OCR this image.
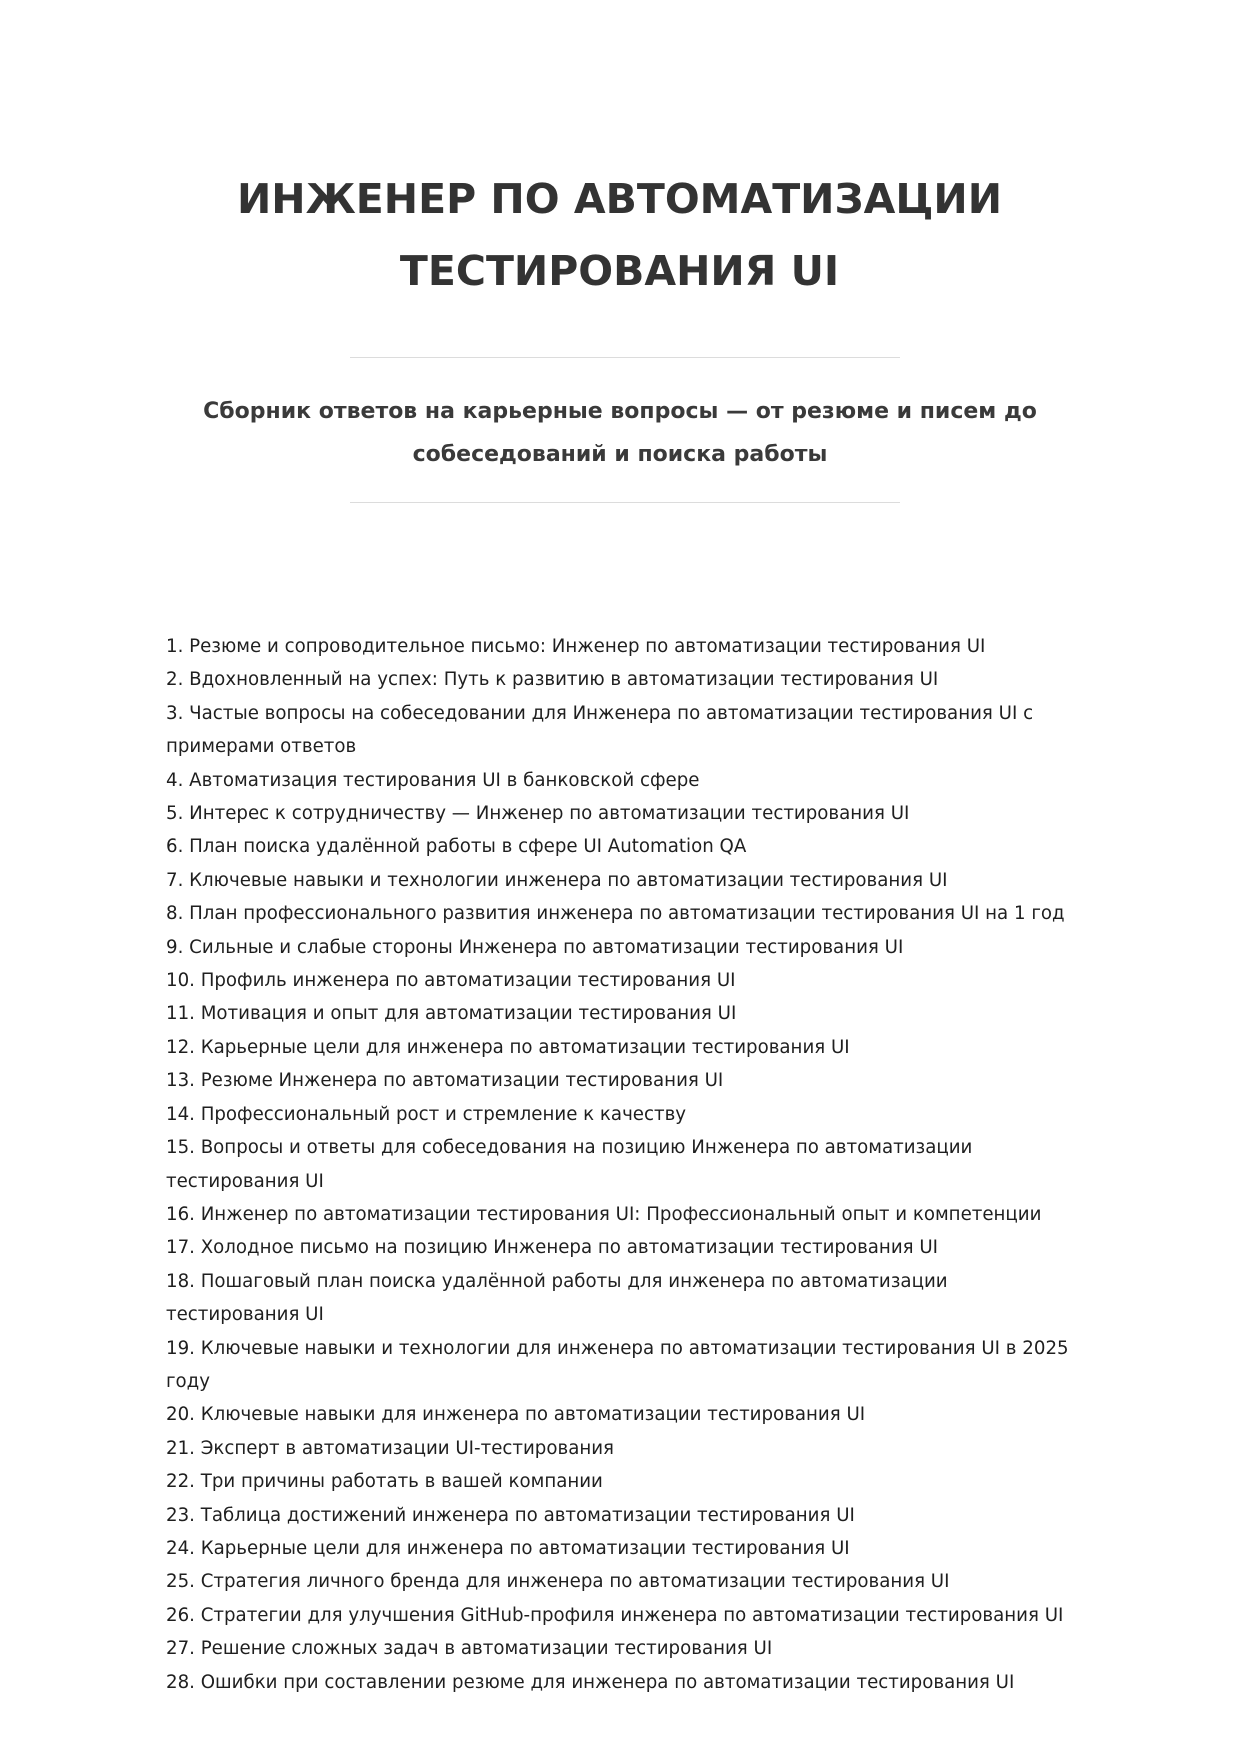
ИНЖЕНЕР ПО АВТОМАТИЗАЦИИ
ТЕСТИРОВАНИЯ UI

Сборник ответов на карьерные вопросы — от резюме и писем до
собеседований и поиска работы

1. Резюме и сопроводительное письмо: Инженер по автоматизации тестирования UI
2. Вдохновленный на успех: Путь к развитию в автоматизации тестирования UI
3. Частые вопросы на собеседовании для Инженера по автоматизации тестирования UI с примерами ответов
4. Автоматизация тестирования UI в банковской сфере
5. Интерес к сотрудничеству — Инженер по автоматизации тестирования UI
6. План поиска удалённой работы в сфере UI Automation QA
7. Ключевые навыки и технологии инженера по автоматизации тестирования UI
8. План профессионального развития инженера по автоматизации тестирования UI на 1 год
9. Сильные и слабые стороны Инженера по автоматизации тестирования UI
10. Профиль инженера по автоматизации тестирования UI
11. Мотивация и опыт для автоматизации тестирования UI
12. Карьерные цели для инженера по автоматизации тестирования UI
13. Резюме Инженера по автоматизации тестирования UI
14. Профессиональный рост и стремление к качеству
15. Вопросы и ответы для собеседования на позицию Инженера по автоматизации тестирования UI
16. Инженер по автоматизации тестирования UI: Профессиональный опыт и компетенции
17. Холодное письмо на позицию Инженера по автоматизации тестирования UI
18. Пошаговый план поиска удалённой работы для инженера по автоматизации тестирования UI
19. Ключевые навыки и технологии для инженера по автоматизации тестирования UI в 2025 году
20. Ключевые навыки для инженера по автоматизации тестирования UI
21. Эксперт в автоматизации UI-тестирования
22. Три причины работать в вашей компании
23. Таблица достижений инженера по автоматизации тестирования UI
24. Карьерные цели для инженера по автоматизации тестирования UI
25. Стратегия личного бренда для инженера по автоматизации тестирования UI
26. Стратегии для улучшения GitHub-профиля инженера по автоматизации тестирования UI
27. Решение сложных задач в автоматизации тестирования UI
28. Ошибки при составлении резюме для инженера по автоматизации тестирования UI
